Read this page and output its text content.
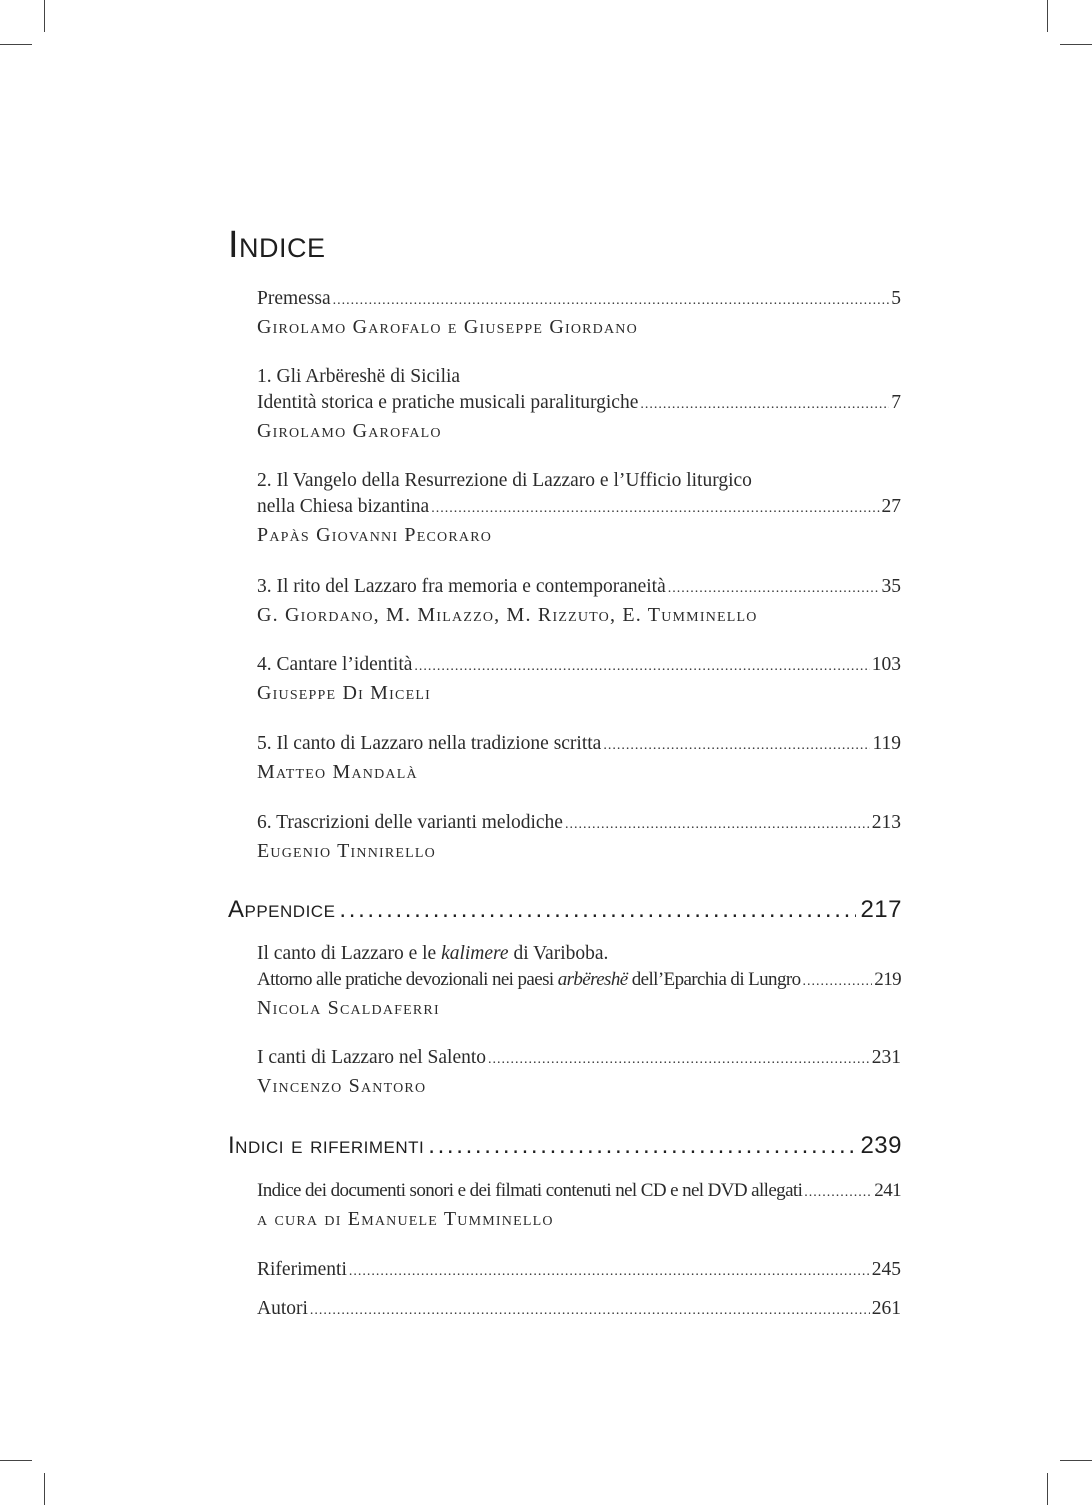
Indice
Premessa .....	5
Girolamo Garofalo e Giuseppe Giordano
1. Gli Arbëreshë di Sicilia
Identità storica e pratiche musicali paraliturgiche .....	7
Girolamo Garofalo
2. Il Vangelo della Resurrezione di Lazzaro e l’Ufficio liturgico
nella Chiesa bizantina .....	27
Papàs Giovanni Pecoraro
3. Il rito del Lazzaro fra memoria e contemporaneità .....	35
G. Giordano, M. Milazzo, M. Rizzuto, E. Tumminello
4. Cantare l’identità .....	103
Giuseppe Di Miceli
5. Il canto di Lazzaro nella tradizione scritta .....	119
Matteo Mandalà
6. Trascrizioni delle varianti melodiche .....	213
Eugenio Tinnirello
Appendice . . .	217
Il canto di Lazzaro e le kalimere di Variboba.
Attorno alle pratiche devozionali nei paesi arbëreshë dell’Eparchia di Lungro .....	219
Nicola Scaldaferri
I canti di Lazzaro nel Salento .....	231
Vincenzo Santoro
Indici e riferimenti . . .	239
Indice dei documenti sonori e dei filmati contenuti nel CD e nel DVD allegati .....	241
a cura di Emanuele Tumminello
Riferimenti .....	245
Autori .....	261
